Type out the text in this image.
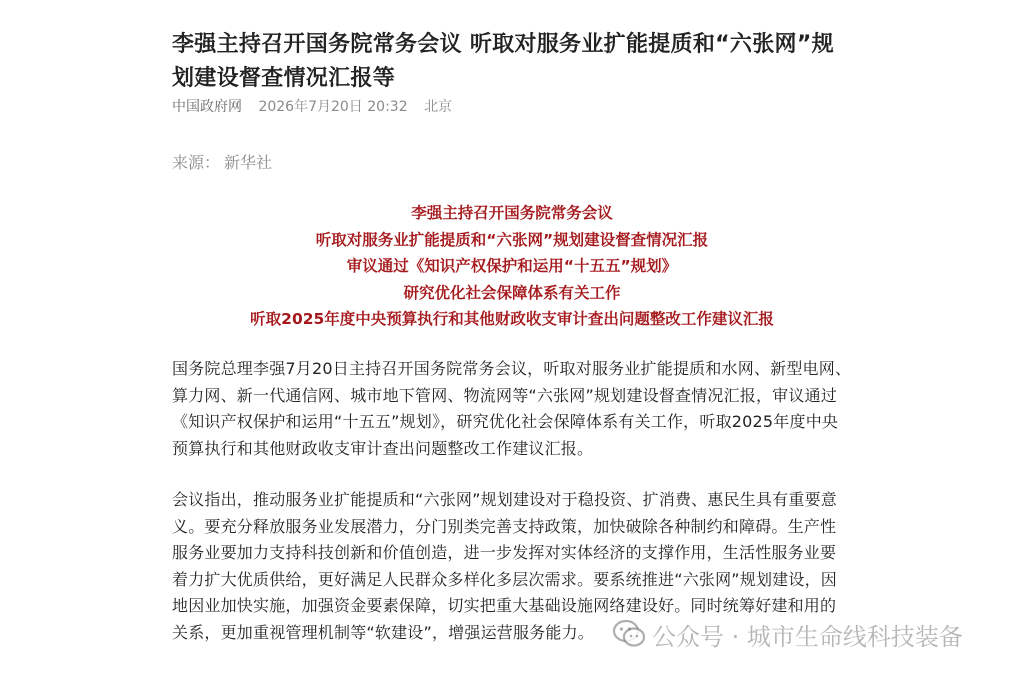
李强主持召开国务院常务会议 听取对服务业扩能提质和“六张网”规划建设督查情况汇报等
中国政府网 2026年7月20日 20:32 北京
来源： 新华社
李强主持召开国务院常务会议
听取对服务业扩能提质和“六张网”规划建设督查情况汇报
审议通过《知识产权保护和运用“十五五”规划》
研究优化社会保障体系有关工作
听取2025年度中央预算执行和其他财政收支审计查出问题整改工作建议汇报
国务院总理李强7月20日主持召开国务院常务会议，听取对服务业扩能提质和水网、新型电网、算力网、新一代通信网、城市地下管网、物流网等“六张网”规划建设督查情况汇报，审议通过《知识产权保护和运用“十五五”规划》，研究优化社会保障体系有关工作，听取2025年度中央预算执行和其他财政收支审计查出问题整改工作建议汇报。
会议指出，推动服务业扩能提质和“六张网”规划建设对于稳投资、扩消费、惠民生具有重要意义。要充分释放服务业发展潜力，分门别类完善支持政策，加快破除各种制约和障碍。生产性服务业要加力支持科技创新和价值创造，进一步发挥对实体经济的支撑作用，生活性服务业要着力扩大优质供给，更好满足人民群众多样化多层次需求。要系统推进“六张网”规划建设，因地因业加快实施，加强资金要素保障，切实把重大基础设施网络建设好。同时统筹好建和用的关系，更加重视管理机制等“软建设”，增强运营服务能力。	公众号 · 城市生命线科技装备
